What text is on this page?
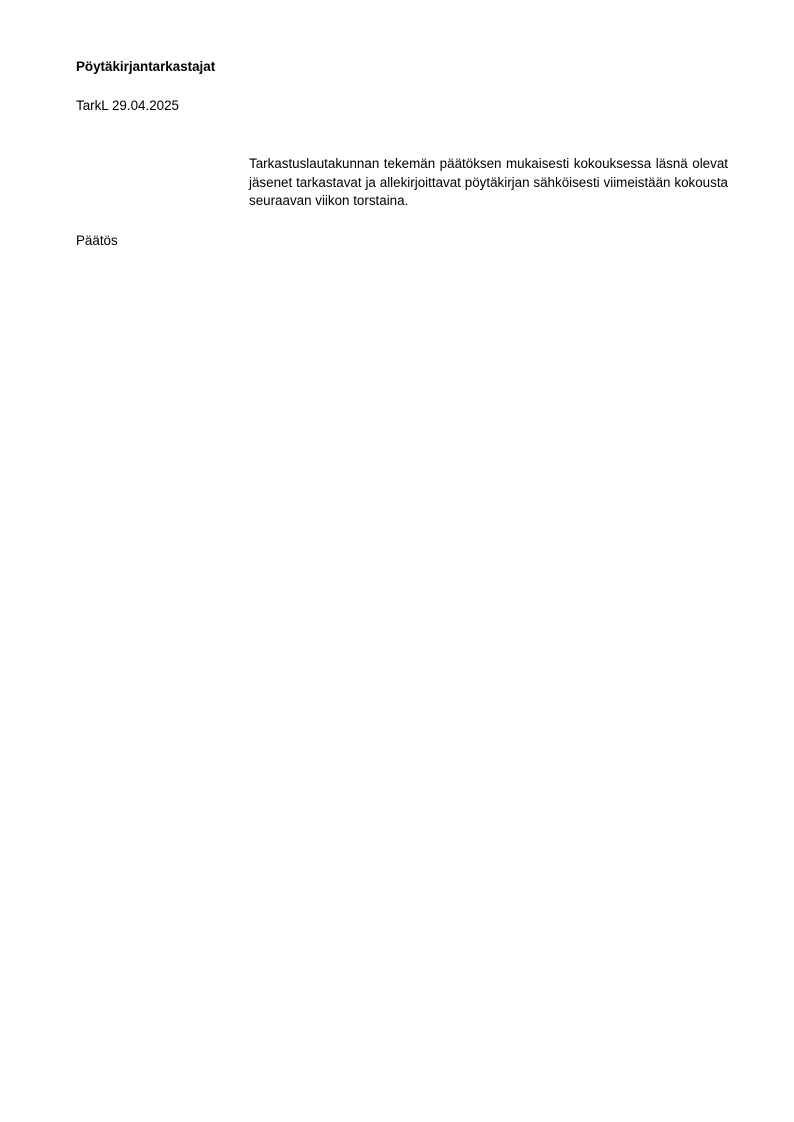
Pöytäkirjantarkastajat
TarkL 29.04.2025

Tarkastuslautakunnan tekemän päätöksen mukaisesti kokouksessa läsnä olevat jäsenet tarkastavat ja allekirjoittavat pöytäkirjan sähköisesti viimeistään kokousta seuraavan viikon torstaina.

Päätös
